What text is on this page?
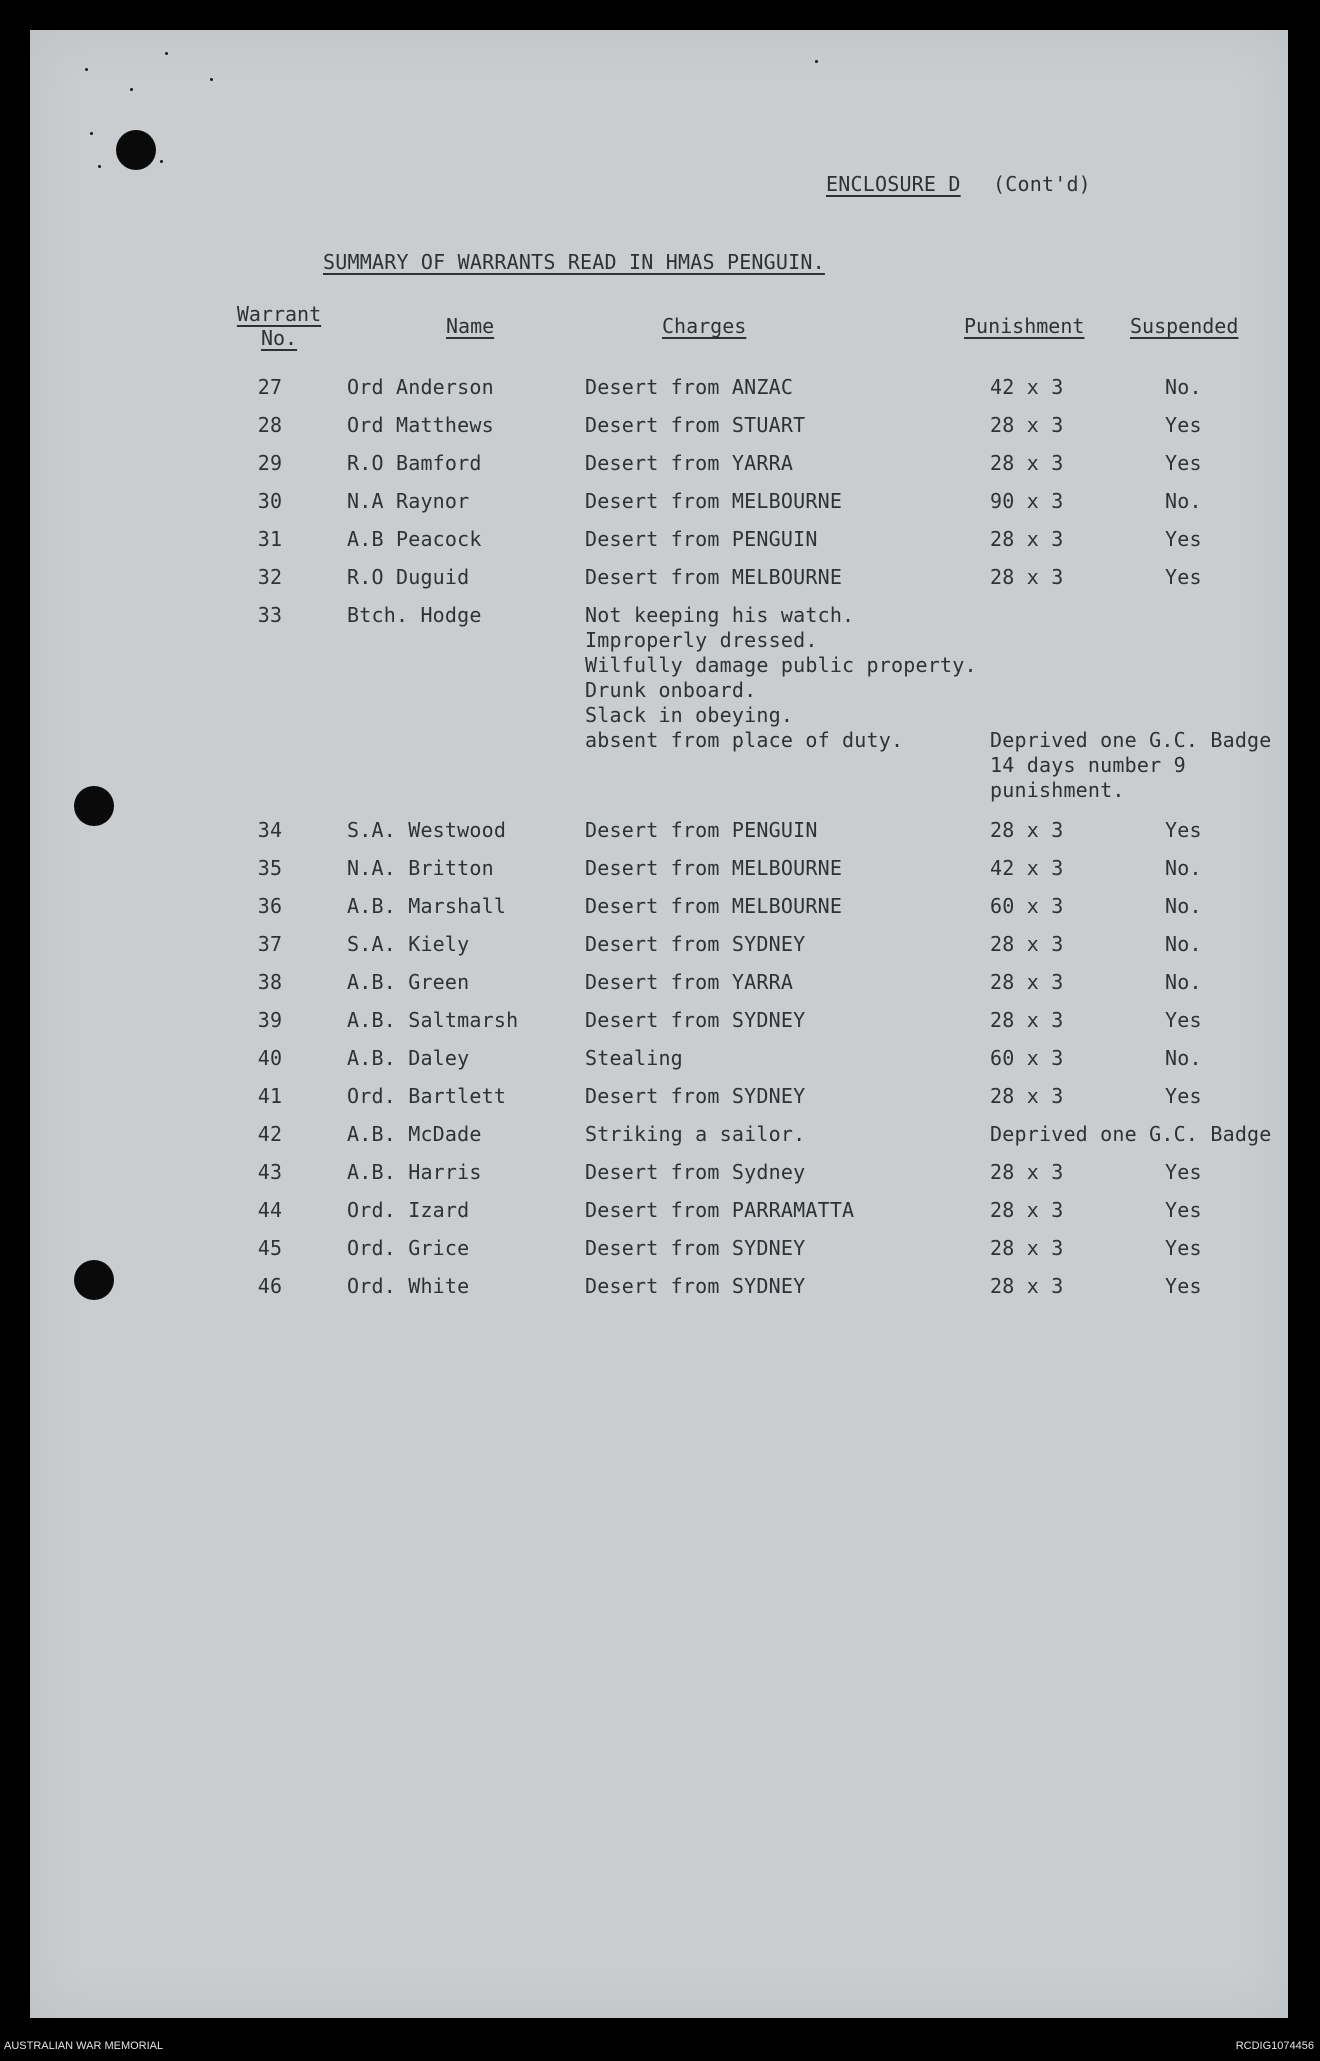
ENCLOSURE D (Cont'd)
SUMMARY OF WARRANTS READ IN HMAS PENGUIN.
Warrant
No.	Name	Charges	Punishment Suspended
27	Ord Anderson	Desert from ANZAC	42 x 3	No.
28	Ord Matthews	Desert from STUART	28 x 3	Yes
29	R.O Bamford	Desert from YARRA	28 x 3	Yes
30	N.A Raynor	Desert from MELBOURNE	90 x 3	No.
31	A.B Peacock	Desert from PENGUIN	28 x 3	Yes
32	R.O Duguid	Desert from MELBOURNE	28 x 3	Yes
33	Btch. Hodge	Not keeping his watch.
Improperly dressed.
Wilfully damage public property.
Drunk onboard.
Slack in obeying.
absent from place of duty.	Deprived one G.C. Badge
14 days number 9
punishment.
34	S.A. Westwood	Desert from PENGUIN	28 x 3	Yes
35	N.A. Britton	Desert from MELBOURNE	42 x 3	No.
36	A.B. Marshall	Desert from MELBOURNE	60 x 3	No.
37	S.A. Kiely	Desert from SYDNEY	28 x 3	No.
38	A.B. Green	Desert from YARRA	28 x 3	No.
39	A.B. Saltmarsh	Desert from SYDNEY	28 x 3	Yes
40	A.B. Daley	Stealing	60 x 3	No.
41	Ord. Bartlett	Desert from SYDNEY	28 x 3	Yes
42	A.B. McDade	Striking a sailor.	Deprived one G.C. Badge
43	A.B. Harris	Desert from Sydney	28 x 3	Yes
44	Ord. Izard	Desert from PARRAMATTA	28 x 3	Yes
45	Ord. Grice	Desert from SYDNEY	28 x 3	Yes
46	Ord. White	Desert from SYDNEY	28 x 3	Yes
AUSTRALIAN WAR MEMORIAL	RCDIG1074456
